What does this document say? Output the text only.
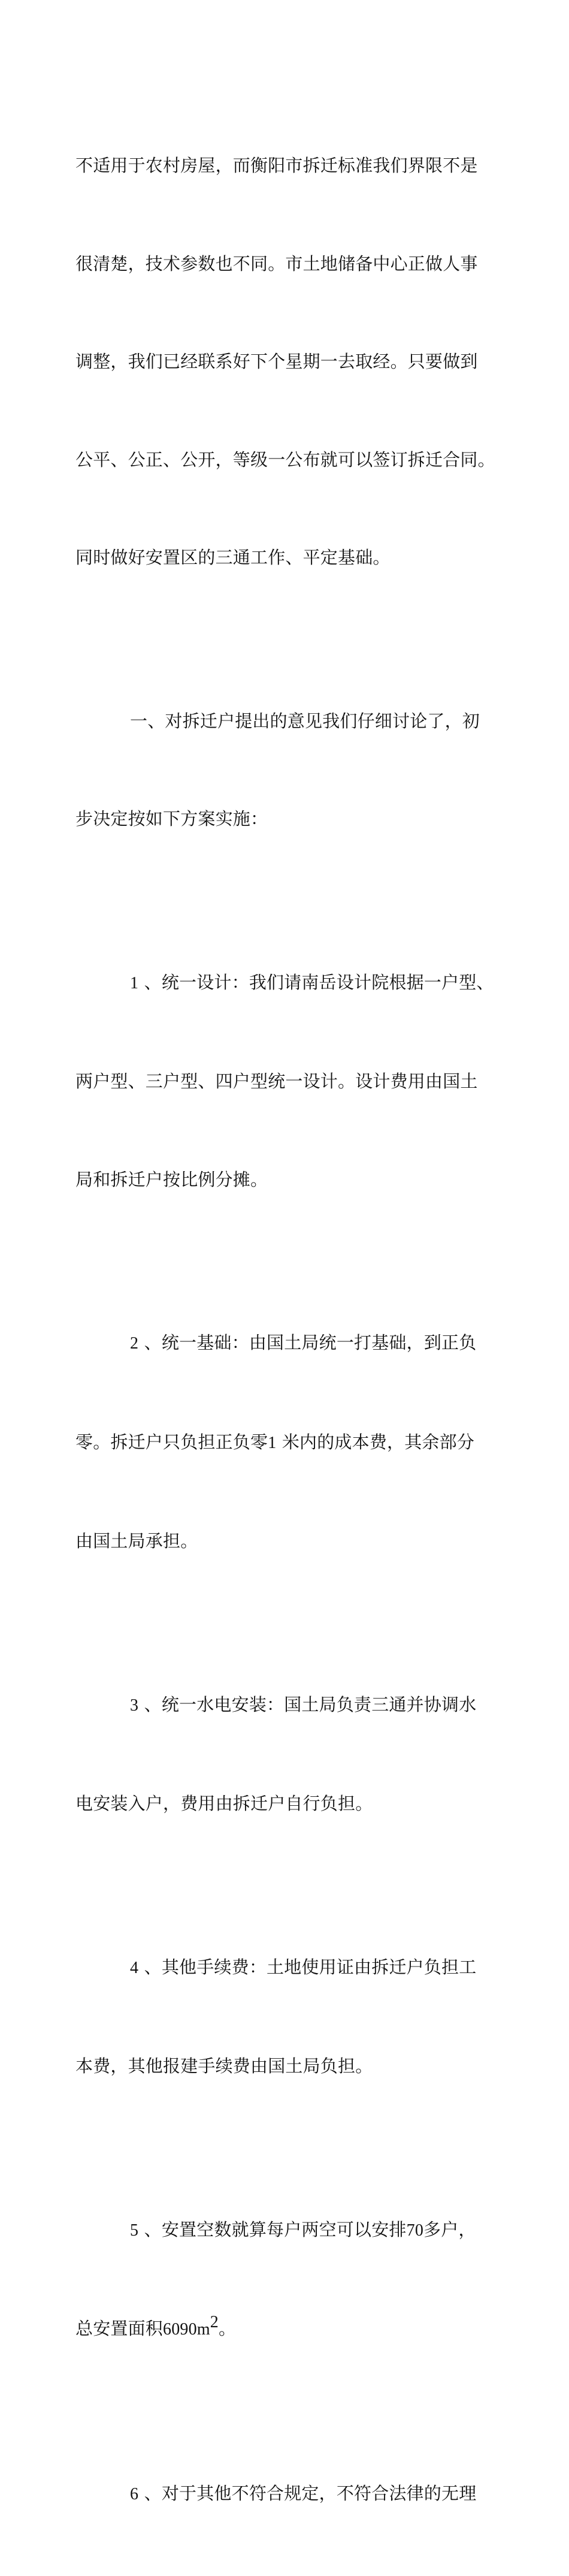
不适用于农村房屋，而衡阳市拆迁标准我们界限不是

很清楚，技术参数也不同。市土地储备中心正做人事

调整，我们已经联系好下个星期一去取经。只要做到

公平、公正、公开，等级一公布就可以签订拆迁合同。

同时做好安置区的三通工作、平定基础。

一、对拆迁户提出的意见我们仔细讨论了，初

步决定按如下方案实施：

1 、统一设计：我们请南岳设计院根据一户型、

两户型、三户型、四户型统一设计。设计费用由国土

局和拆迁户按比例分摊。

2 、统一基础：由国土局统一打基础，到正负

零。拆迁户只负担正负零1 米内的成本费，其余部分

由国土局承担。

3 、统一水电安装：国土局负责三通并协调水

电安装入户，费用由拆迁户自行负担。

4 、其他手续费：土地使用证由拆迁户负担工

本费，其他报建手续费由国土局负担。

5 、安置空数就算每户两空可以安排70多户，

总安置面积$6090m^2$。

6 、对于其他不符合规定，不符合法律的无理
